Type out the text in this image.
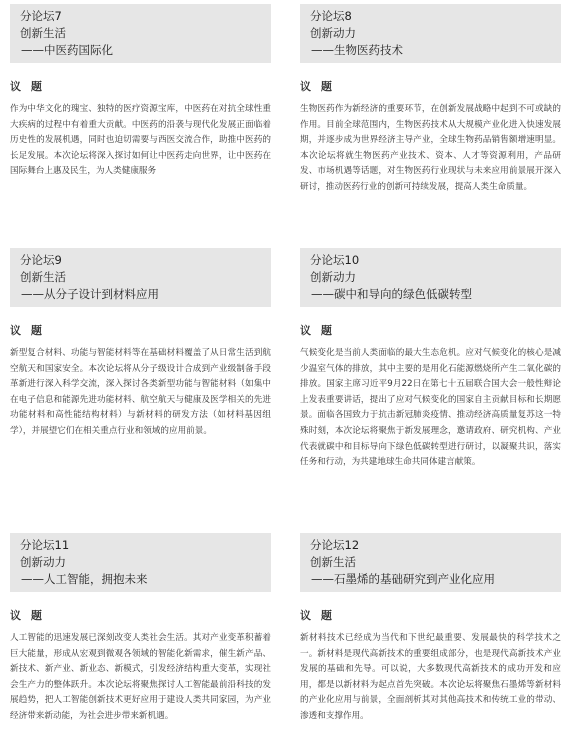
分论坛7
创新生活
——中医药国际化
议 题
作为中华文化的瑰宝、独特的医疗资源宝库，中医药在对抗全球性重大疾病的过程中有着重大贡献。中医药的沿袭与现代化发展正面临着历史性的发展机遇，同时也迫切需要与西医交流合作，助推中医药的长足发展。本次论坛将深入探讨如何让中医药走向世界，让中医药在国际舞台上惠及民生，为人类健康服务
分论坛8
创新动力
——生物医药技术
议 题
生物医药作为新经济的重要环节，在创新发展战略中起到不可或缺的作用。目前全球范围内，生物医药技术从大规模产业化进入快速发展期，并逐步成为世界经济主导产业，全球生物药品销售额增速明显。本次论坛将就生物医药产业技术、资本、人才等资源利用，产品研发、市场机遇等话题，对生物医药行业现状与未来应用前景展开深入研讨，推动医药行业的创新可持续发展，提高人类生命质量。
分论坛9
创新生活
——从分子设计到材料应用
议 题
新型复合材料、功能与智能材料等在基础材料覆盖了从日常生活到航空航天和国家安全。本次论坛将从分子级设计合成到产业级制备手段革新进行深入科学交流，深入探讨各类新型功能与智能材料（如集中在电子信息和能源先进功能材料、航空航天与健康及医学相关的先进功能材料和高性能结构材料）与新材料的研发方法（如材料基因组学），并展望它们在相关重点行业和领域的应用前景。
分论坛10
创新动力
——碳中和导向的绿色低碳转型
议 题
气候变化是当前人类面临的最大生态危机。应对气候变化的核心是减少温室气体的排放，其中主要的是用化石能源燃烧所产生二氧化碳的排放。国家主席习近平9月22日在第七十五届联合国大会一般性辩论上发表重要讲话，提出了应对气候变化的国家自主贡献目标和长期愿景。面临各国致力于抗击新冠肺炎疫情、推动经济高质量复苏这一特殊时刻，本次论坛将聚焦于新发展理念，邀请政府、研究机构、产业代表就碳中和目标导向下绿色低碳转型进行研讨，以凝聚共识，落实任务和行动，为共建地球生命共同体建言献策。
分论坛11
创新动力
——人工智能，拥抱未来
议 题
人工智能的迅速发展已深刻改变人类社会生活。其对产业变革积蓄着巨大能量，形成从宏观到微观各领域的智能化新需求，催生新产品、新技术、新产业、新业态、新模式，引发经济结构重大变革，实现社会生产力的整体跃升。本次论坛将聚焦探讨人工智能最前沿科技的发展趋势，把人工智能创新技术更好应用于建设人类共同家园，为产业经济带来新动能，为社会进步带来新机遇。
分论坛12
创新生活
——石墨烯的基础研究到产业化应用
议 题
新材料技术已经成为当代和下世纪最重要、发展最快的科学技术之一。新材料是现代高新技术的重要组成部分，也是现代高新技术产业发展的基础和先导。可以说，大多数现代高新技术的成功开发和应用，都是以新材料为起点首先突破。本次论坛将聚焦石墨烯等新材料的产业化应用与前景，全面剖析其对其他高技术和传统工业的带动、渗透和支撑作用。
